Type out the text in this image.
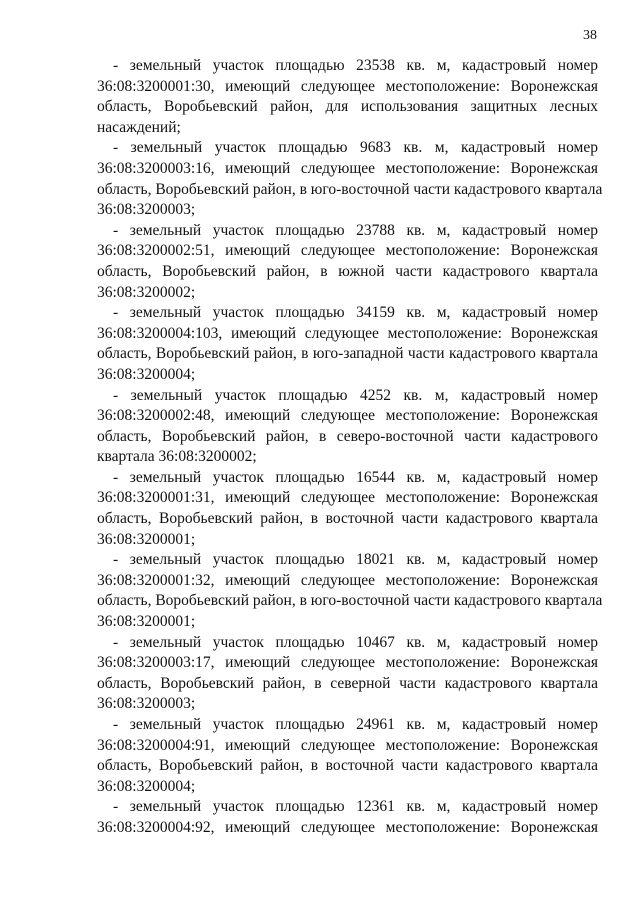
38

- земельный участок площадью 23538 кв. м, кадастровый номер
36:08:3200001:30, имеющий следующее местоположение: Воронежская
область, Воробьевский район, для использования защитных лесных
насаждений;

- земельный участок площадью 9683 кв. м, кадастровый номер
36:08:3200003:16, имеющий следующее местоположение: Воронежская
область, Воробьевский район, в юго-восточной части кадастрового квартала
36:08:3200003;

- земельный участок площадью 23788 кв. м, кадастровый номер
36:08:3200002:51, имеющий следующее местоположение: Воронежская
область, Воробьевский район, в южной части кадастрового квартала
36:08:3200002;

- земельный участок площадью 34159 кв. м, кадастровый номер
36:08:3200004:103, имеющий следующее местоположение: Воронежская
область, Воробьевский район, в юго-западной части кадастрового квартала
36:08:3200004;

- земельный участок площадью 4252 кв. м, кадастровый номер
36:08:3200002:48, имеющий следующее местоположение: Воронежская
область, Воробьевский район, в северо-восточной части кадастрового
квартала 36:08:3200002;

- земельный участок площадью 16544 кв. м, кадастровый номер
36:08:3200001:31, имеющий следующее местоположение: Воронежская
область, Воробьевский район, в восточной части кадастрового квартала
36:08:3200001;

- земельный участок площадью 18021 кв. м, кадастровый номер
36:08:3200001:32, имеющий следующее местоположение: Воронежская
область, Воробьевский район, в юго-восточной части кадастрового квартала
36:08:3200001;

- земельный участок площадью 10467 кв. м, кадастровый номер
36:08:3200003:17, имеющий следующее местоположение: Воронежская
область, Воробьевский район, в северной части кадастрового квартала
36:08:3200003;

- земельный участок площадью 24961 кв. м, кадастровый номер
36:08:3200004:91, имеющий следующее местоположение: Воронежская
область, Воробьевский район, в восточной части кадастрового квартала
36:08:3200004;

- земельный участок площадью 12361 кв. м, кадастровый номер
36:08:3200004:92, имеющий следующее местоположение: Воронежская
